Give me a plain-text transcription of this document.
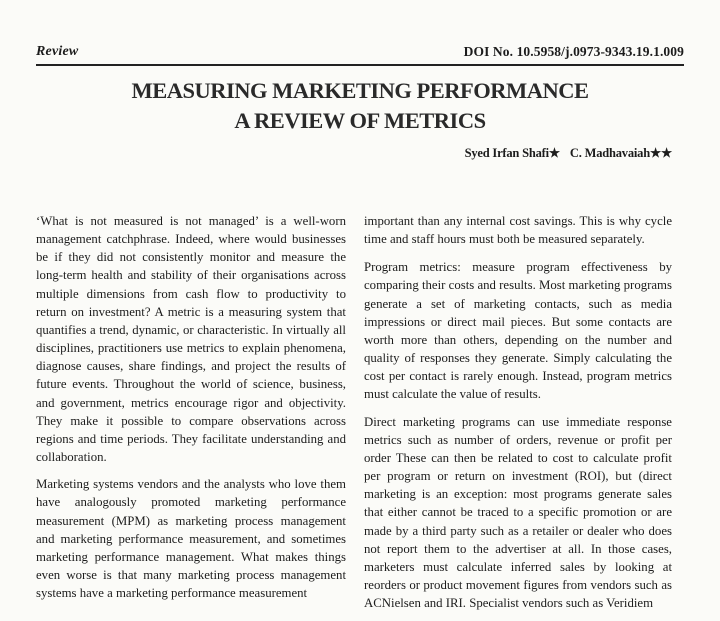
Review	DOI No. 10.5958/j.0973-9343.19.1.009
MEASURING MARKETING PERFORMANCE
A REVIEW OF METRICS
Syed Irfan Shafi★ C. Madhavaiah★★

‘What is not measured is not managed’ is a well-worn management catchphrase. Indeed, where would businesses be if they did not consistently monitor and measure the long-term health and stability of their organisations across multiple dimensions from cash flow to productivity to return on investment? A metric is a measuring system that quantifies a trend, dynamic, or characteristic. In virtually all disciplines, practitioners use metrics to explain phenomena, diagnose causes, share findings, and project the results of future events. Throughout the world of science, business, and government, metrics encourage rigor and objectivity. They make it possible to compare observations across regions and time periods. They facilitate understanding and collaboration.

Marketing systems vendors and the analysts who love them have analogously promoted marketing performance measurement (MPM) as marketing process management and marketing performance measurement, and sometimes marketing performance management. What makes things even worse is that many marketing process management systems have a marketing performance measurement

important than any internal cost savings. This is why cycle time and staff hours must both be measured separately.

Program metrics: measure program effectiveness by comparing their costs and results. Most marketing programs generate a set of marketing contacts, such as media impressions or direct mail pieces. But some contacts are worth more than others, depending on the number and quality of responses they generate. Simply calculating the cost per contact is rarely enough. Instead, program metrics must calculate the value of results.

Direct marketing programs can use immediate response metrics such as number of orders, revenue or profit per order These can then be related to cost to calculate profit per program or return on investment (ROI), but (direct marketing is an exception: most programs generate sales that either cannot be traced to a specific promotion or are made by a third party such as a retailer or dealer who does not report them to the advertiser at all. In those cases, marketers must calculate inferred sales by looking at reorders or product movement figures from vendors such as ACNielsen and IRI. Specialist vendors such as Veridiem
